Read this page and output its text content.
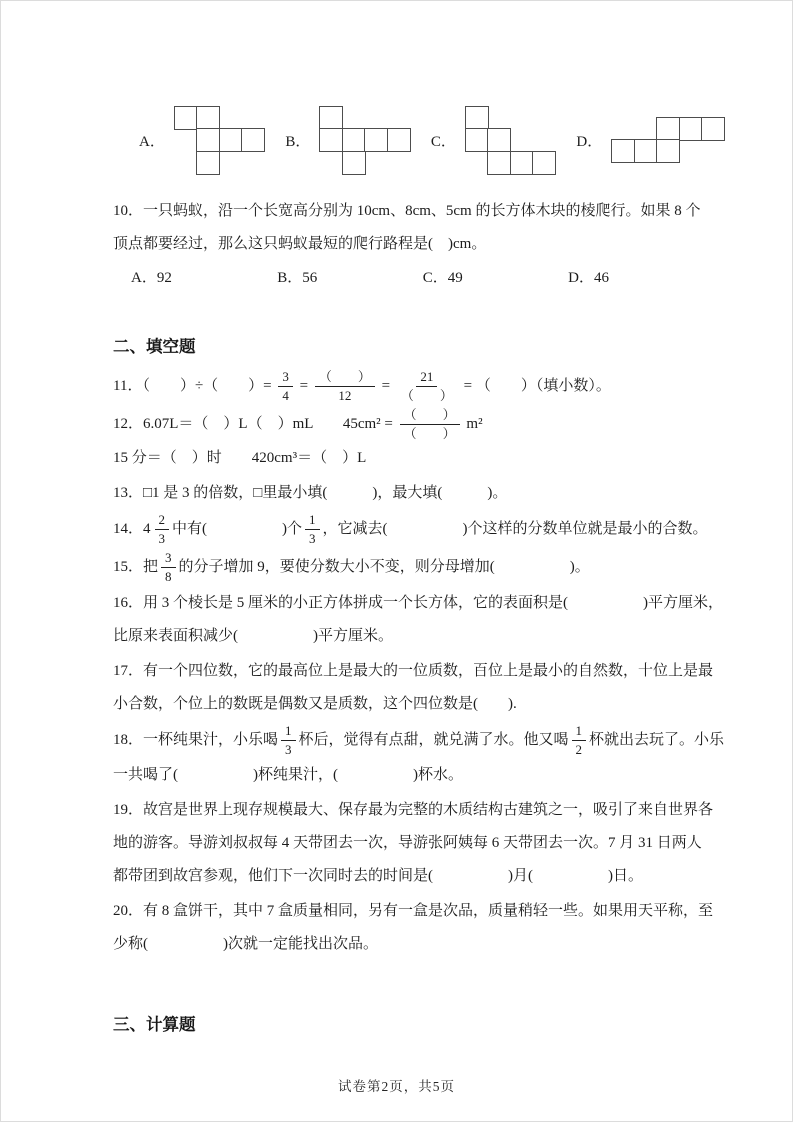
A．	B．	C．	D．
10．一只蚂蚁，沿一个长宽高分别为 10cm、8cm、5cm 的长方体木块的棱爬行。如果 8 个
顶点都要经过，那么这只蚂蚁最短的爬行路程是(　)cm。
A．92	B．56	C．49	D．46
二、填空题
11．（　　）÷（　　）= $\frac{3}{4} = \frac{( )}{12} = \frac{21}{( )}$ = （　　）（填小数）。
12．6.07L＝（　）L（　）mL　　$45cm^2 = \frac{( )}{( )} m^2$
15 分＝（　）时　　420cm³＝（　）L
13．□1 是 3 的倍数，□里最小填(　　　)，最大填(　　　)。
14． $4 \frac{2}{3}$ 中有(　　　　　)个 $\frac{1}{3}$ ，它减去(　　　　　)个这样的分数单位就是最小的合数。
15．把 $\frac{3}{8}$ 的分子增加 9，要使分数大小不变，则分母增加(　　　　　)。
16．用 3 个棱长是 5 厘米的小正方体拼成一个长方体，它的表面积是(　　　　　)平方厘米，
比原来表面积减少(　　　　　)平方厘米。
17．有一个四位数，它的最高位上是最大的一位质数，百位上是最小的自然数，十位上是最
小合数，个位上的数既是偶数又是质数，这个四位数是(　　).
18．一杯纯果汁，小乐喝 $\frac{1}{3}$ 杯后，觉得有点甜，就兑满了水。他又喝 $\frac{1}{2}$ 杯就出去玩了。小乐
一共喝了(　　　　　)杯纯果汁，(　　　　　)杯水。
19．故宫是世界上现存规模最大、保存最为完整的木质结构古建筑之一，吸引了来自世界各
地的游客。导游刘叔叔每 4 天带团去一次，导游张阿姨每 6 天带团去一次。7 月 31 日两人
都带团到故宫参观，他们下一次同时去的时间是(　　　　　)月(　　　　　)日。
20．有 8 盒饼干，其中 7 盒质量相同，另有一盒是次品，质量稍轻一些。如果用天平称，至
少称(　　　　　)次就一定能找出次品。
三、计算题
试卷第2页，共5页
